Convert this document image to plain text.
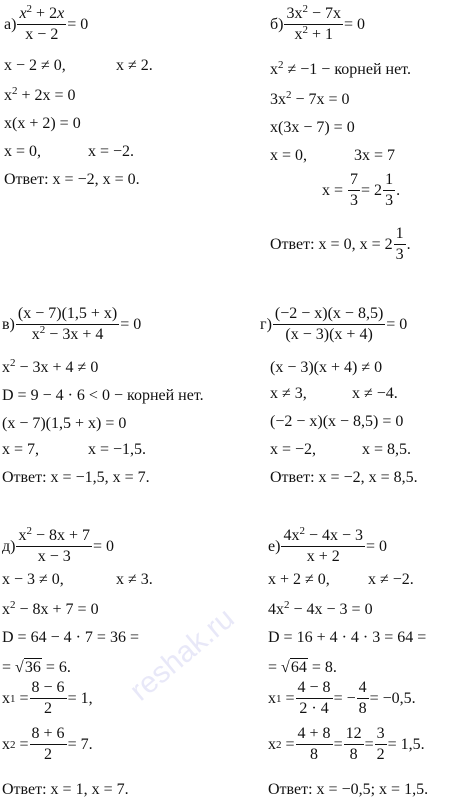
$а) \frac{x^2 + 2x}{x - 2} = 0$
x − 2 ≠ 0,	x ≠ 2.
$x^2 + 2x = 0$
x(x + 2) = 0
x = 0,	x = −2.
Ответ: x = −2, x = 0.
$б) \frac{3x^2 - 7x}{x^2 + 1} = 0$
$x^2 \ne -1$ − корней нет.
$3x^2 - 7x = 0$
x(3x − 7) = 0
x = 0,	3x = 7
x =
$\frac{7}{3} = 2 \frac{1}{3}$ .
Ответ: x = 0, $x = 2 \frac{1}{3}$ .
$в) \frac{(x - 7)(1,5 + x)}{x^2 - 3x + 4} = 0$
$x^2 - 3x + 4 \ne 0$
D = 9 − 4 · 6 < 0 − корней нет.
(x − 7)(1,5 + x) = 0
x = 7,	x = −1,5.
Ответ: x = −1,5, x = 7.
$г) \frac{(-2 - x)(x - 8,5)}{(x - 3)(x + 4)} = 0$
(x − 3)(x + 4) ≠ 0
x ≠ 3,	x ≠ −4.
(−2 − x)(x − 8,5) = 0
x = −2,	x = 8,5.
Ответ: x = −2, x = 8,5.
$д) \frac{x^2 - 8x + 7}{x - 3} = 0$
x − 3 ≠ 0,	x ≠ 3.
$x^2 - 8x + 7 = 0$
D = 64 − 4 · 7 = 36 =
= √36 = 6.
x 1
= $\frac{8 - 6}{2} = 1$,
x 2
= $\frac{8 + 6}{2} = 7$.
Ответ: x = 1, x = 7.
$е) \frac{4x^2 - 4x - 3}{x + 2} = 0$
x + 2 ≠ 0, x ≠ −2.
$4x^2 - 4x - 3 = 0$
D = 16 + 4 · 4 · 3 = 64 =
= √64 = 8.
x 1
= $\frac{4 - 8}{2 \cdot 4}$ = − $\frac{4}{8} = -0,5$.
x 2
= $\frac{4 + 8}{8} = \frac{12}{8} = \frac{3}{2} = 1,5$.
Ответ: x = −0,5; x = 1,5.
reshak.ru
